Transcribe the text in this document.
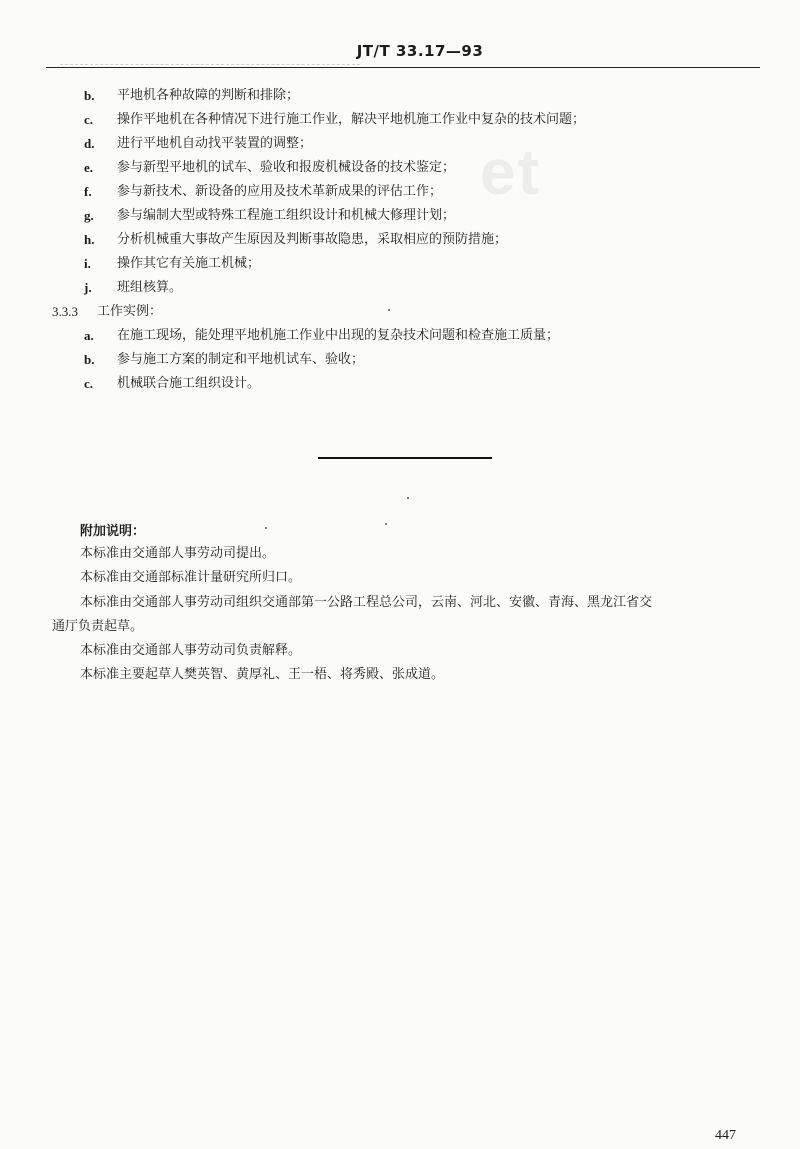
JT/T 33.17—93
et
b.	平地机各种故障的判断和排除；
c.	操作平地机在各种情况下进行施工作业，解决平地机施工作业中复杂的技术问题；
d.	进行平地机自动找平装置的调整；
e.	参与新型平地机的试车、验收和报废机械设备的技术鉴定；
f.	参与新技术、新设备的应用及技术革新成果的评估工作；
g.	参与编制大型或特殊工程施工组织设计和机械大修理计划；
h.	分析机械重大事故产生原因及判断事故隐患，采取相应的预防措施；
i.	操作其它有关施工机械；
j.	班组核算。
3.3.3 工作实例：
a.	在施工现场，能处理平地机施工作业中出现的复杂技术问题和检查施工质量；
b.	参与施工方案的制定和平地机试车、验收；
c.	机械联合施工组织设计。
附加说明：
本标准由交通部人事劳动司提出。
本标准由交通部标准计量研究所归口。
本标准由交通部人事劳动司组织交通部第一公路工程总公司，云南、河北、安徽、青海、黑龙江省交
通厅负责起草。
本标准由交通部人事劳动司负责解释。
本标准主要起草人樊英智、黄厚礼、王一梧、将秀殿、张成道。
447
